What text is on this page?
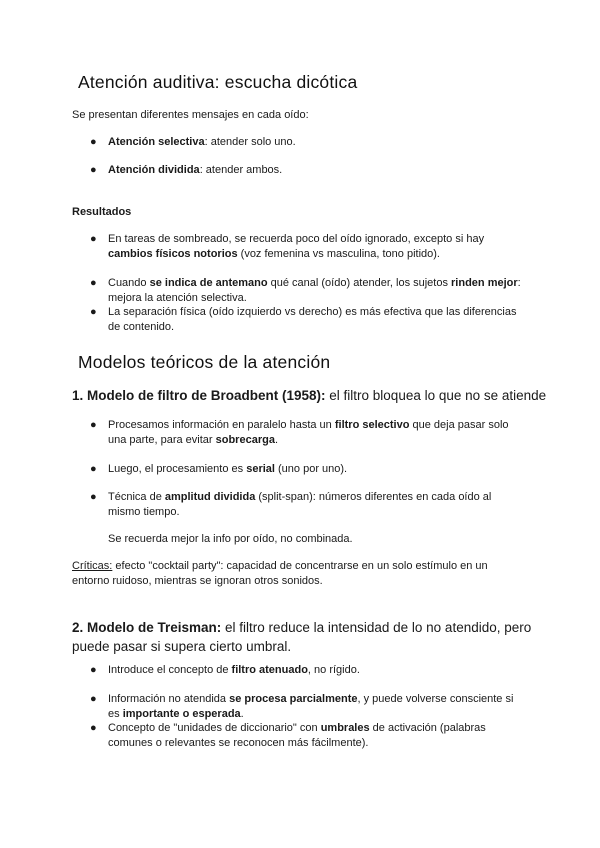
Atención auditiva: escucha dicótica

Se presentan diferentes mensajes en cada oído:

● Atención selectiva: atender solo uno.

● Atención dividida: atender ambos.

Resultados

● En tareas de sombreado, se recuerda poco del oído ignorado, excepto si hay
cambios físicos notorios (voz femenina vs masculina, tono pitido).

● Cuando se indica de antemano qué canal (oído) atender, los sujetos rinden mejor:
mejora la atención selectiva.

● La separación física (oído izquierdo vs derecho) es más efectiva que las diferencias
de contenido.

Modelos teóricos de la atención

1. Modelo de filtro de Broadbent (1958): el filtro bloquea lo que no se atiende

● Procesamos información en paralelo hasta un filtro selectivo que deja pasar solo
una parte, para evitar sobrecarga.

● Luego, el procesamiento es serial (uno por uno).

● Técnica de amplitud dividida (split-span): números diferentes en cada oído al
mismo tiempo.

Se recuerda mejor la info por oído, no combinada.

Críticas: efecto "cocktail party": capacidad de concentrarse en un solo estímulo en un
entorno ruidoso, mientras se ignoran otros sonidos.

2. Modelo de Treisman: el filtro reduce la intensidad de lo no atendido, pero
puede pasar si supera cierto umbral.

● Introduce el concepto de filtro atenuado, no rígido.

● Información no atendida se procesa parcialmente, y puede volverse consciente si
es importante o esperada.

● Concepto de "unidades de diccionario" con umbrales de activación (palabras
comunes o relevantes se reconocen más fácilmente).
